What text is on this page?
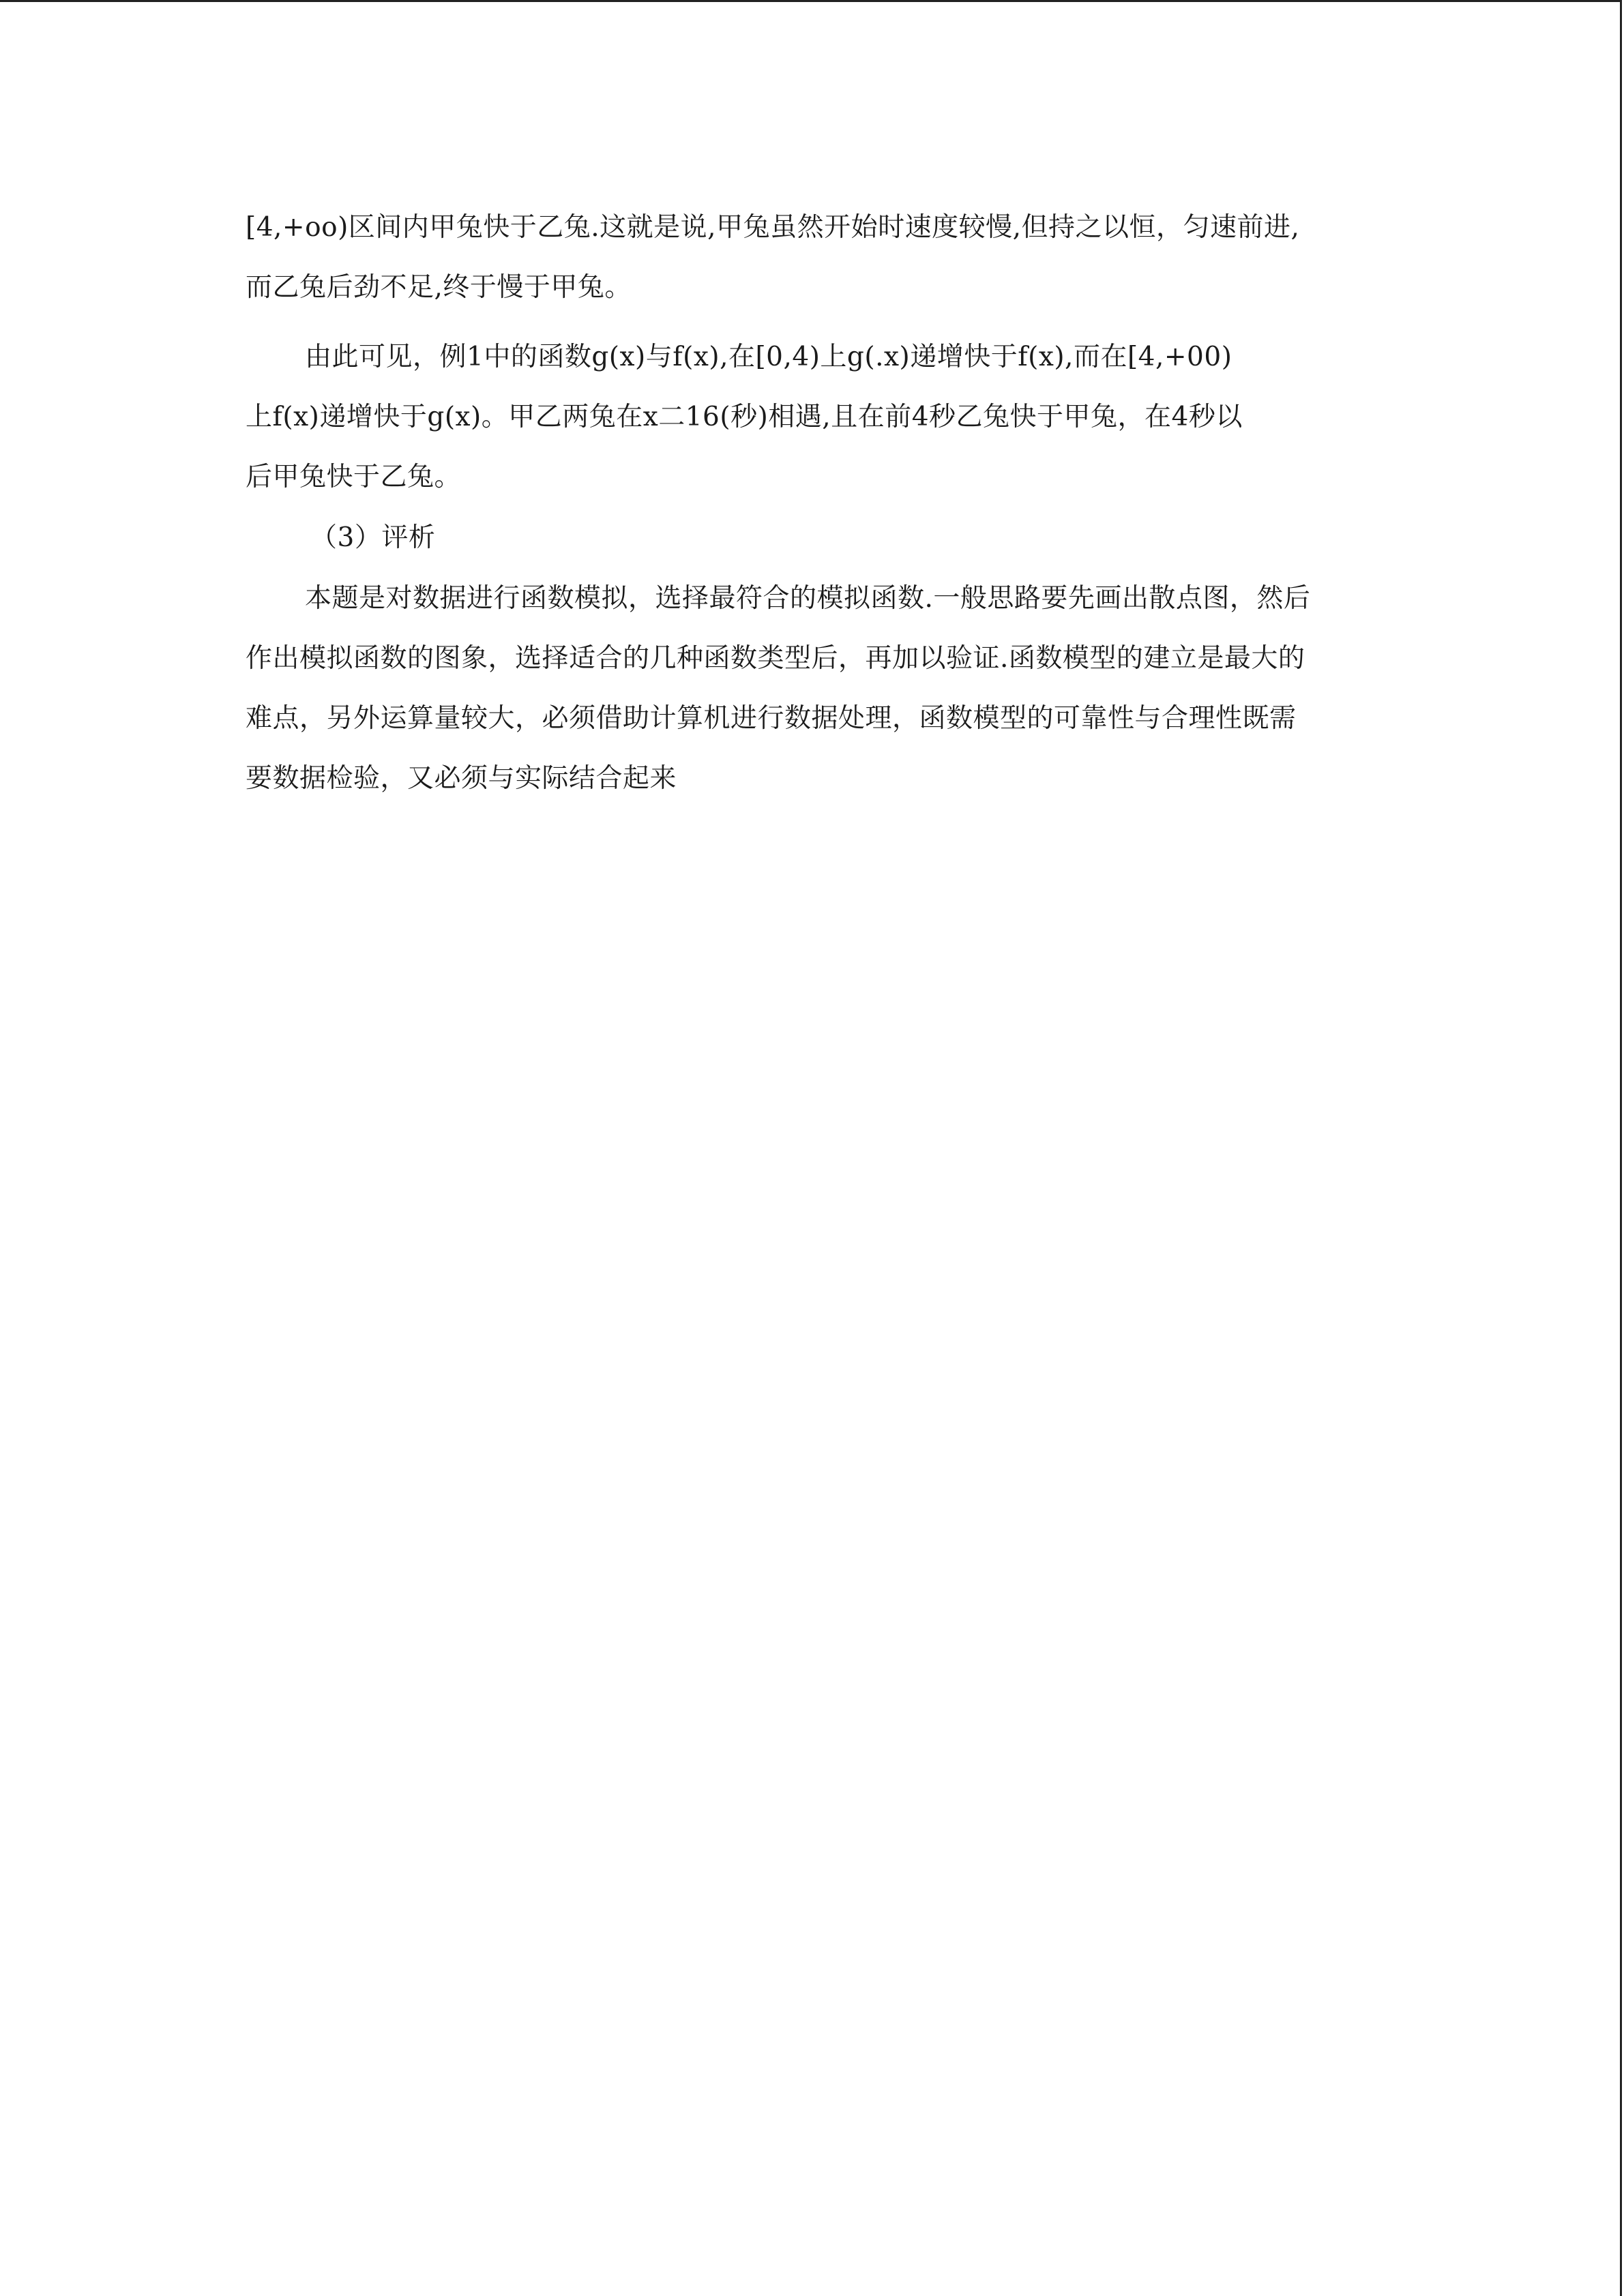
[4,+oo)区间内甲兔快于乙兔.这就是说,甲兔虽然开始时速度较慢,但持之以恒，匀速前进,
而乙兔后劲不足,终于慢于甲兔。
由此可见，例1中的函数g(x)与f(x),在[0,4)上g(.x)递增快于f(x),而在[4,+00)
上f(x)递增快于g(x)。甲乙两兔在x二16(秒)相遇,且在前4秒乙兔快于甲兔，在4秒以
后甲兔快于乙兔。
（3）评析
本题是对数据进行函数模拟，选择最符合的模拟函数.一般思路要先画出散点图，然后
作出模拟函数的图象，选择适合的几种函数类型后，再加以验证.函数模型的建立是最大的
难点，另外运算量较大，必须借助计算机进行数据处理，函数模型的可靠性与合理性既需
要数据检验，又必须与实际结合起来
